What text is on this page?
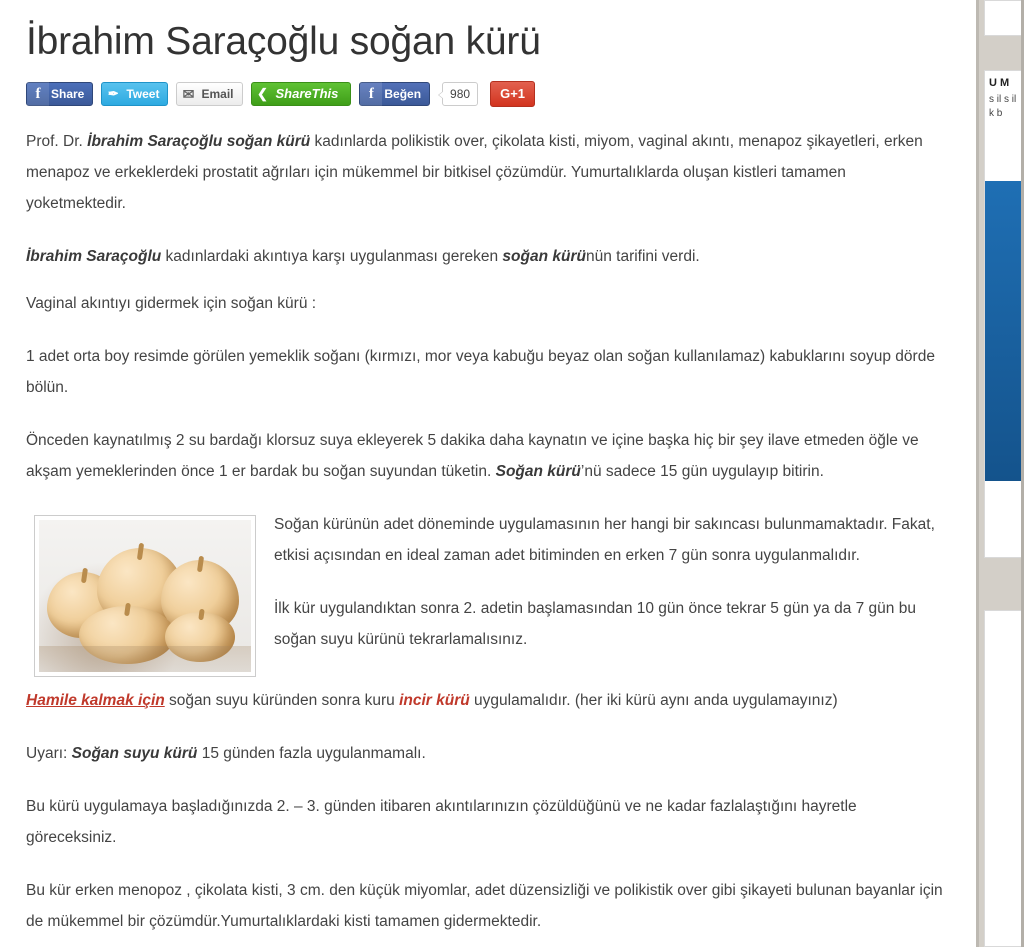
İbrahim Saraçoğlu soğan kürü
f Share	✒ Tweet	✉ Email	❮ ShareThis	f Beğen	980	G+1

Prof. Dr. İbrahim Saraçoğlu soğan kürü kadınlarda polikistik over, çikolata kisti, miyom, vaginal akıntı, menapoz şikayetleri, erken menapoz ve erkeklerdeki prostatit ağrıları için mükemmel bir bitkisel çözümdür. Yumurtalıklarda oluşan kistleri tamamen yoketmektedir.

İbrahim Saraçoğlu kadınlardaki akıntıya karşı uygulanması gereken soğan kürünün tarifini verdi.

Vaginal akıntıyı gidermek için soğan kürü :

1 adet orta boy resimde görülen yemeklik soğanı (kırmızı, mor veya kabuğu beyaz olan soğan kullanılamaz) kabuklarını soyup dörde bölün.

Önceden kaynatılmış 2 su bardağı klorsuz suya ekleyerek 5 dakika daha kaynatın ve içine başka hiç bir şey ilave etmeden öğle ve akşam yemeklerinden önce 1 er bardak bu soğan suyundan tüketin. Soğan kürü’nü sadece 15 gün uygulayıp bitirin.

Soğan kürünün adet döneminde uygulamasının her hangi bir sakıncası bulunmamaktadır. Fakat, etkisi açısından en ideal zaman adet bitiminden en erken 7 gün sonra uygulanmalıdır.

İlk kür uygulandıktan sonra 2. adetin başlamasından 10 gün önce tekrar 5 gün ya da 7 gün bu soğan suyu kürünü tekrarlamalısınız.

Hamile kalmak için soğan suyu küründen sonra kuru incir kürü uygulamalıdır. (her iki kürü aynı anda uygulamayınız)

Uyarı: Soğan suyu kürü 15 günden fazla uygulanmamalı.

Bu kürü uygulamaya başladığınızda 2. – 3. günden itibaren akıntılarınızın çözüldüğünü ve ne kadar fazlalaştığını hayretle göreceksiniz.

Bu kür erken menopoz , çikolata kisti, 3 cm. den küçük miyomlar, adet düzensizliği ve polikistik over gibi şikayeti bulunan bayanlar için de mükemmel bir çözümdür.Yumurtalıklardaki kisti tamamen gidermektedir.

U M
s il s il k b
